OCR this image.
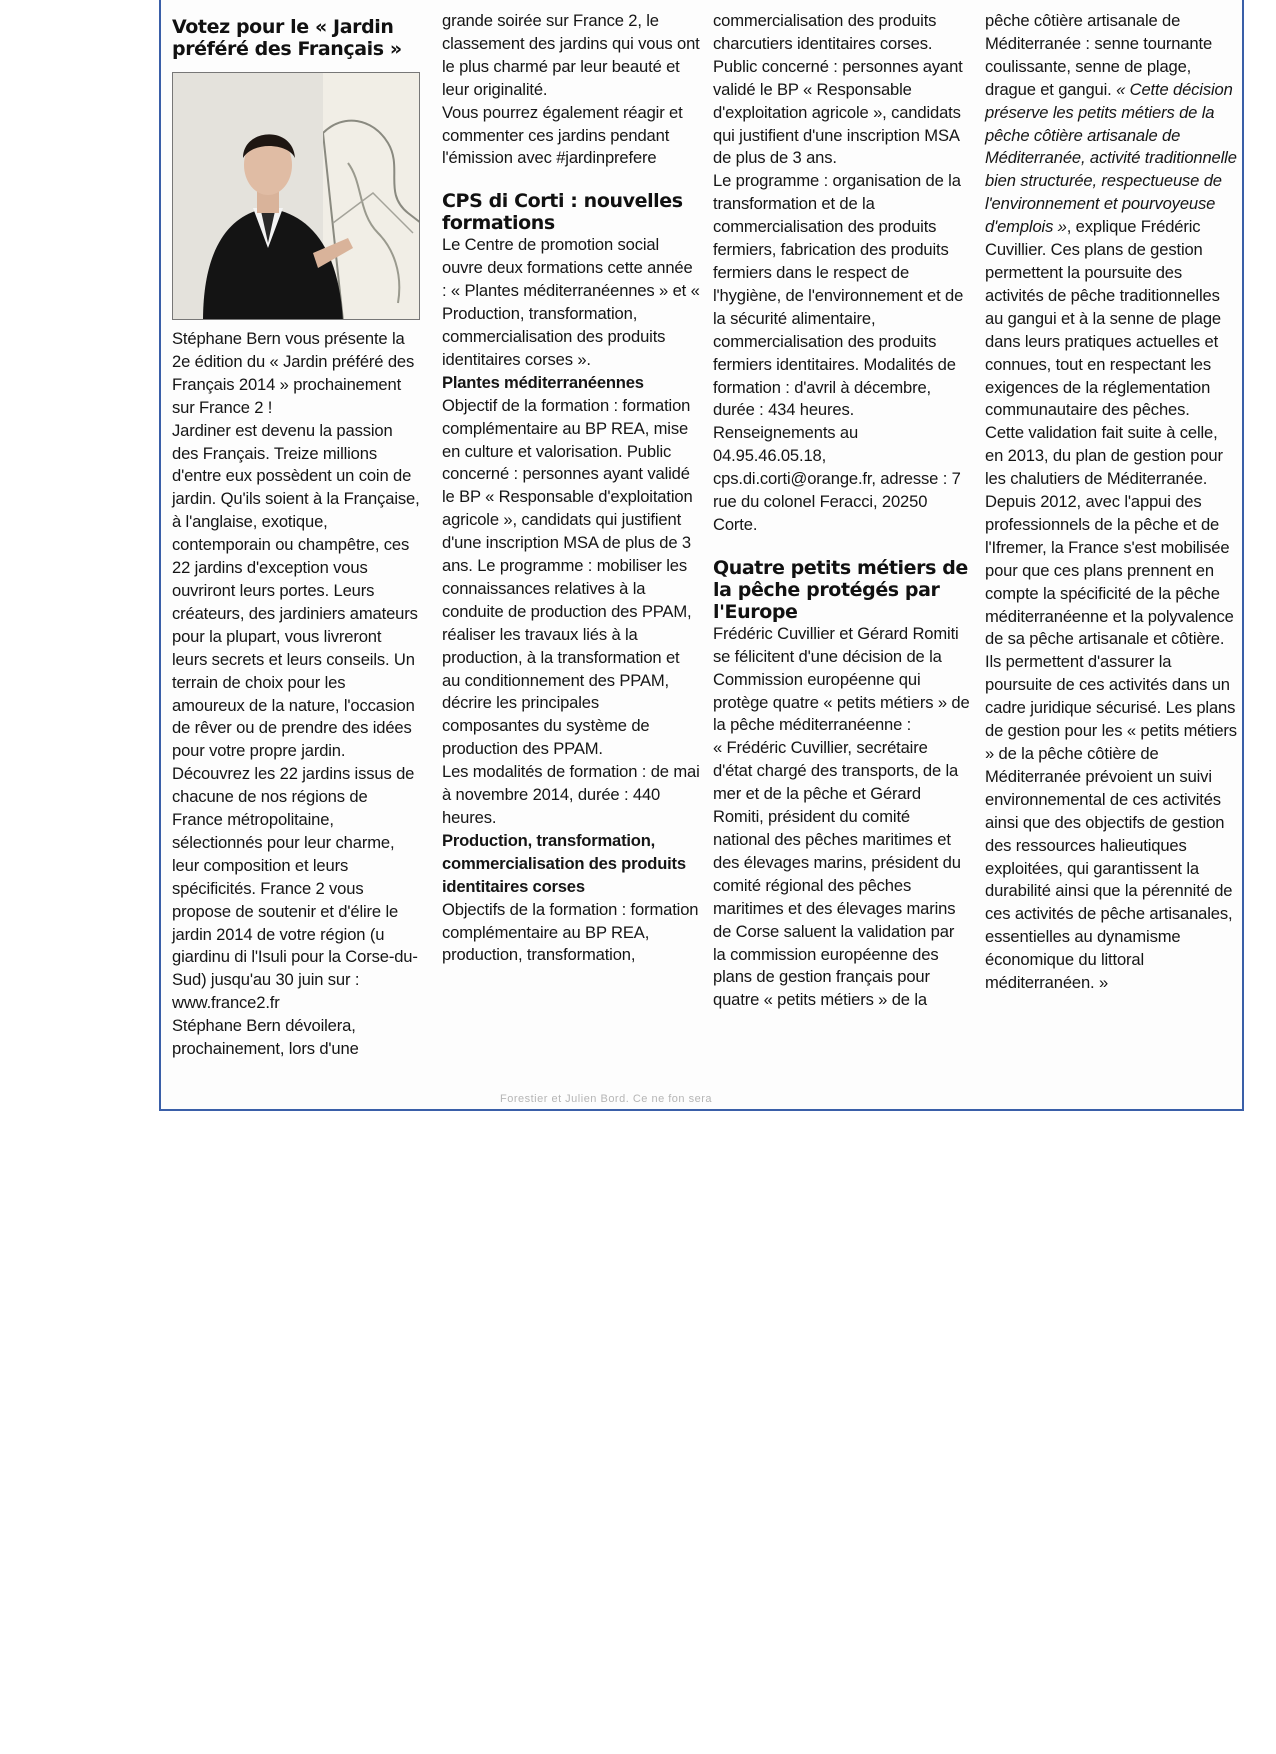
Votez pour le « Jardin préféré des Français »

Stéphane Bern vous présente la 2e édition du « Jardin préféré des Français 2014 » prochainement sur France 2 !

Jardiner est devenu la passion des Français. Treize millions d'entre eux possèdent un coin de jardin. Qu'ils soient à la Française, à l'anglaise, exotique, contemporain ou champêtre, ces 22 jardins d'exception vous ouvriront leurs portes. Leurs créateurs, des jardiniers amateurs pour la plupart, vous livreront leurs secrets et leurs conseils. Un terrain de choix pour les amoureux de la nature, l'occasion de rêver ou de prendre des idées pour votre propre jardin.

Découvrez les 22 jardins issus de chacune de nos régions de France métropolitaine, sélectionnés pour leur charme, leur composition et leurs spécificités. France 2 vous propose de soutenir et d'élire le jardin 2014 de votre région (u giardinu di l'Isuli pour la Corse-du-Sud) jusqu'au 30 juin sur : www.france2.fr

Stéphane Bern dévoilera, prochainement, lors d'une

grande soirée sur France 2, le classement des jardins qui vous ont le plus charmé par leur beauté et leur originalité.

Vous pourrez également réagir et commenter ces jardins pendant l'émission avec #jardinprefere

CPS di Corti : nouvelles formations

Le Centre de promotion social ouvre deux formations cette année : « Plantes méditerranéennes » et « Production, transformation, commercialisation des produits identitaires corses ».

Plantes méditerranéennes

Objectif de la formation : formation complémentaire au BP REA, mise en culture et valorisation. Public concerné : personnes ayant validé le BP « Responsable d'exploitation agricole », candidats qui justifient d'une inscription MSA de plus de 3 ans. Le programme : mobiliser les connaissances relatives à la conduite de production des PPAM, réaliser les travaux liés à la production, à la transformation et au conditionnement des PPAM, décrire les principales composantes du système de production des PPAM.

Les modalités de formation : de mai à novembre 2014, durée : 440 heures.

Production, transformation, commercialisation des produits identitaires corses

Objectifs de la formation : formation complémentaire au BP REA, production, transformation,

commercialisation des produits charcutiers identitaires corses.

Public concerné : personnes ayant validé le BP « Responsable d'exploitation agricole », candidats qui justifient d'une inscription MSA de plus de 3 ans.

Le programme : organisation de la transformation et de la commercialisation des produits fermiers, fabrication des produits fermiers dans le respect de l'hygiène, de l'environnement et de la sécurité alimentaire, commercialisation des produits fermiers identitaires. Modalités de formation : d'avril à décembre, durée : 434 heures.

Renseignements au 04.95.46.05.18, cps.di.corti@orange.fr, adresse : 7 rue du colonel Feracci, 20250 Corte.

Quatre petits métiers de la pêche protégés par l'Europe

Frédéric Cuvillier et Gérard Romiti se félicitent d'une décision de la Commission européenne qui protège quatre « petits métiers » de la pêche méditerranéenne :

« Frédéric Cuvillier, secrétaire d'état chargé des transports, de la mer et de la pêche et Gérard Romiti, président du comité national des pêches maritimes et des élevages marins, président du comité régional des pêches maritimes et des élevages marins de Corse saluent la validation par la commission européenne des plans de gestion français pour quatre « petits métiers » de la

pêche côtière artisanale de Méditerranée : senne tournante coulissante, senne de plage, drague et gangui. « Cette décision préserve les petits métiers de la pêche côtière artisanale de Méditerranée, activité traditionnelle bien structurée, respectueuse de l'environnement et pourvoyeuse d'emplois », explique Frédéric Cuvillier. Ces plans de gestion permettent la poursuite des activités de pêche traditionnelles au gangui et à la senne de plage dans leurs pratiques actuelles et connues, tout en respectant les exigences de la réglementation communautaire des pêches.

Cette validation fait suite à celle, en 2013, du plan de gestion pour les chalutiers de Méditerranée. Depuis 2012, avec l'appui des professionnels de la pêche et de l'Ifremer, la France s'est mobilisée pour que ces plans prennent en compte la spécificité de la pêche méditerranéenne et la polyvalence de sa pêche artisanale et côtière. Ils permettent d'assurer la poursuite de ces activités dans un cadre juridique sécurisé. Les plans de gestion pour les « petits métiers » de la pêche côtière de Méditerranée prévoient un suivi environnemental de ces activités ainsi que des objectifs de gestion des ressources halieutiques exploitées, qui garantissent la durabilité ainsi que la pérennité de ces activités de pêche artisanales, essentielles au dynamisme économique du littoral méditerranéen. »

Forestier et Julien Bord. Ce ne fon sera
